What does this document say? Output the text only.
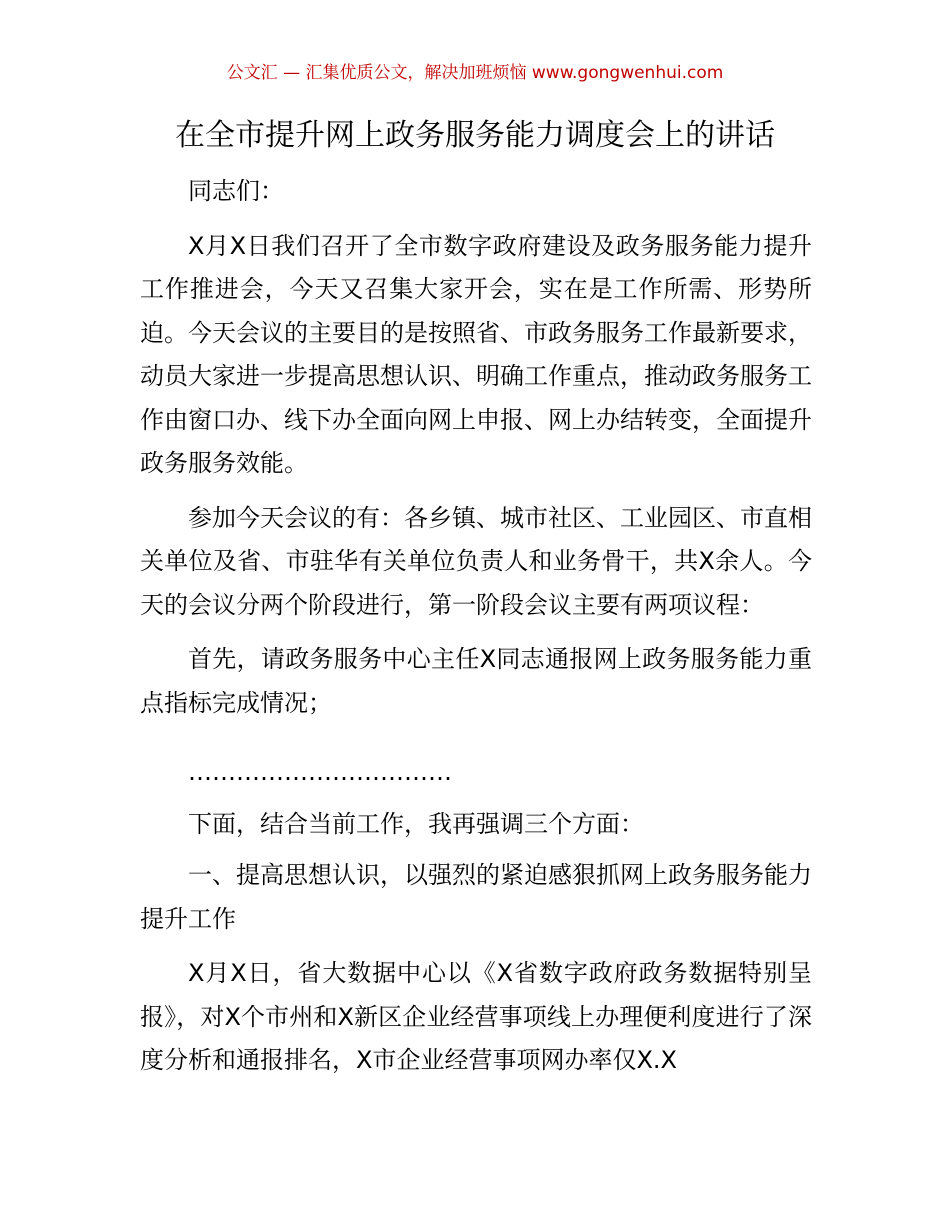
公文汇 — 汇集优质公文，解决加班烦恼 www.gongwenhui.com
在全市提升网上政务服务能力调度会上的讲话

同志们：

X月X日我们召开了全市数字政府建设及政务服务能力提升工作推进会，今天又召集大家开会，实在是工作所需、形势所迫。今天会议的主要目的是按照省、市政务服务工作最新要求，动员大家进一步提高思想认识、明确工作重点，推动政务服务工作由窗口办、线下办全面向网上申报、网上办结转变，全面提升政务服务效能。

参加今天会议的有：各乡镇、城市社区、工业园区、市直相关单位及省、市驻华有关单位负责人和业务骨干，共X余人。今天的会议分两个阶段进行，第一阶段会议主要有两项议程：

首先，请政务服务中心主任X同志通报网上政务服务能力重点指标完成情况；

……………………………

下面，结合当前工作，我再强调三个方面：

一、提高思想认识，以强烈的紧迫感狠抓网上政务服务能力提升工作

X月X日，省大数据中心以《X省数字政府政务数据特别呈报》，对X个市州和X新区企业经营事项线上办理便利度进行了深度分析和通报排名，X市企业经营事项网办率仅X.X
